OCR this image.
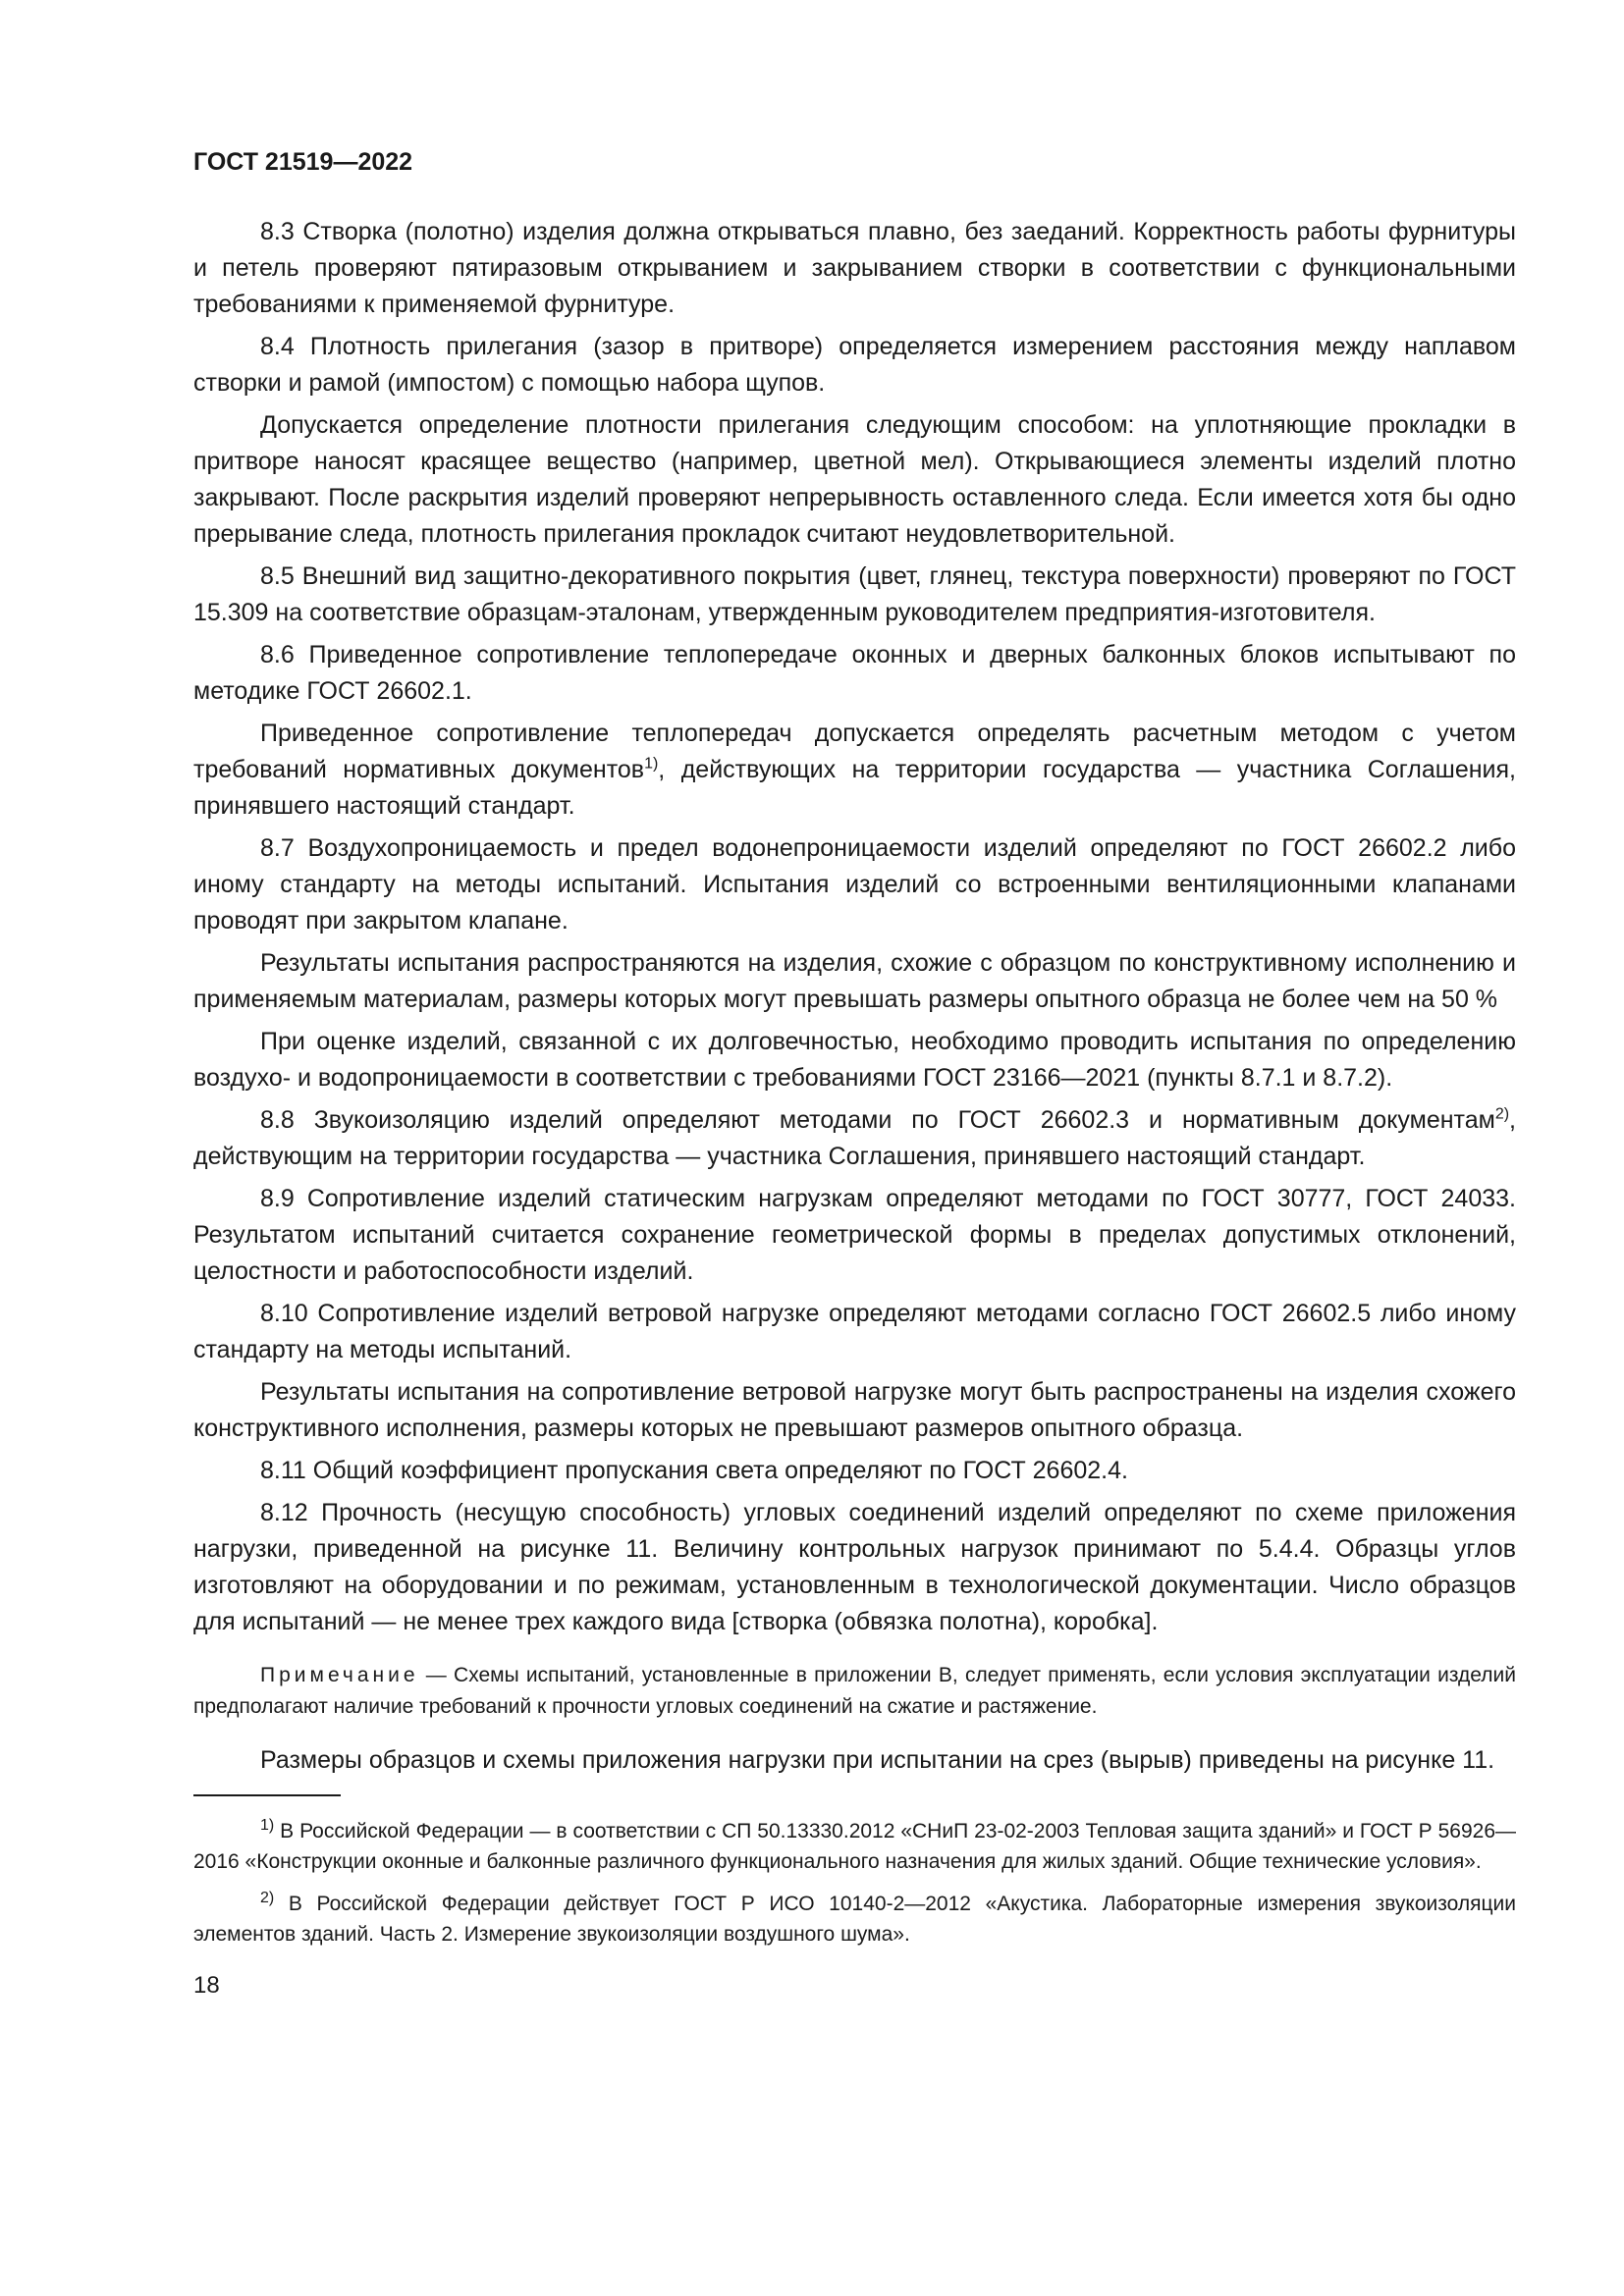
ГОСТ 21519—2022

8.3 Створка (полотно) изделия должна открываться плавно, без заеданий. Корректность работы фурнитуры и петель проверяют пятиразовым открыванием и закрыванием створки в соответствии с функциональными требованиями к применяемой фурнитуре.

8.4 Плотность прилегания (зазор в притворе) определяется измерением расстояния между наплавом створки и рамой (импостом) с помощью набора щупов.

Допускается определение плотности прилегания следующим способом: на уплотняющие прокладки в притворе наносят красящее вещество (например, цветной мел). Открывающиеся элементы изделий плотно закрывают. После раскрытия изделий проверяют непрерывность оставленного следа. Если имеется хотя бы одно прерывание следа, плотность прилегания прокладок считают неудовлетворительной.

8.5 Внешний вид защитно-декоративного покрытия (цвет, глянец, текстура поверхности) проверяют по ГОСТ 15.309 на соответствие образцам-эталонам, утвержденным руководителем предприятия-изготовителя.

8.6 Приведенное сопротивление теплопередаче оконных и дверных балконных блоков испытывают по методике ГОСТ 26602.1.

Приведенное сопротивление теплопередач допускается определять расчетным методом с учетом требований нормативных документов$^{1)}$, действующих на территории государства — участника Соглашения, принявшего настоящий стандарт.

8.7 Воздухопроницаемость и предел водонепроницаемости изделий определяют по ГОСТ 26602.2 либо иному стандарту на методы испытаний. Испытания изделий со встроенными вентиляционными клапанами проводят при закрытом клапане.

Результаты испытания распространяются на изделия, схожие с образцом по конструктивному исполнению и применяемым материалам, размеры которых могут превышать размеры опытного образца не более чем на 50 %

При оценке изделий, связанной с их долговечностью, необходимо проводить испытания по определению воздухо- и водопроницаемости в соответствии с требованиями ГОСТ 23166—2021 (пункты 8.7.1 и 8.7.2).

8.8 Звукоизоляцию изделий определяют методами по ГОСТ 26602.3 и нормативным документам$^{2)}$, действующим на территории государства — участника Соглашения, принявшего настоящий стандарт.

8.9 Сопротивление изделий статическим нагрузкам определяют методами по ГОСТ 30777, ГОСТ 24033. Результатом испытаний считается сохранение геометрической формы в пределах допустимых отклонений, целостности и работоспособности изделий.

8.10 Сопротивление изделий ветровой нагрузке определяют методами согласно ГОСТ 26602.5 либо иному стандарту на методы испытаний.

Результаты испытания на сопротивление ветровой нагрузке могут быть распространены на изделия схожего конструктивного исполнения, размеры которых не превышают размеров опытного образца.

8.11 Общий коэффициент пропускания света определяют по ГОСТ 26602.4.

8.12 Прочность (несущую способность) угловых соединений изделий определяют по схеме приложения нагрузки, приведенной на рисунке 11. Величину контрольных нагрузок принимают по 5.4.4. Образцы углов изготовляют на оборудовании и по режимам, установленным в технологической документации. Число образцов для испытаний — не менее трех каждого вида [створка (обвязка полотна), коробка].

Примечание — Схемы испытаний, установленные в приложении В, следует применять, если условия эксплуатации изделий предполагают наличие требований к прочности угловых соединений на сжатие и растяжение.

Размеры образцов и схемы приложения нагрузки при испытании на срез (вырыв) приведены на рисунке 11.

$^{1)}$ В Российской Федерации — в соответствии с СП 50.13330.2012 «СНиП 23-02-2003 Тепловая защита зданий» и ГОСТ Р 56926—2016 «Конструкции оконные и балконные различного функционального назначения для жилых зданий. Общие технические условия».

$^{2)}$ В Российской Федерации действует ГОСТ Р ИСО 10140-2—2012 «Акустика. Лабораторные измерения звукоизоляции элементов зданий. Часть 2. Измерение звукоизоляции воздушного шума».

18
